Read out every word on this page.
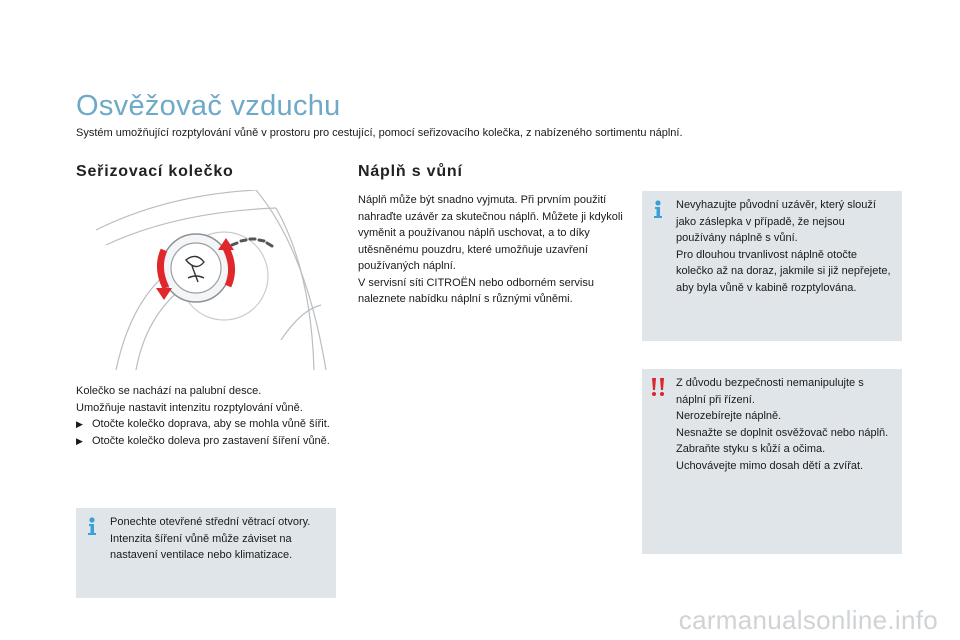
Osvěžovač vzduchu
Systém umožňující rozptylování vůně v prostoru pro cestující, pomocí seřizovacího kolečka, z nabízeného sortimentu náplní.
Seřizovací kolečko	Náplň s vůní

Kolečko se nachází na palubní desce.

Umožňuje nastavit intenzitu rozptylování vůně.

▶ Otočte kolečko doprava, aby se mohla vůně šířit.
▶ Otočte kolečko doleva pro zastavení šíření vůně.

Náplň může být snadno vyjmuta. Při prvním použití nahraďte uzávěr za skutečnou náplň. Můžete ji kdykoli vyměnit a používanou náplň uschovat, a to díky utěsněnému pouzdru, které umožňuje uzavření používaných náplní.

V servisní síti CITROËN nebo odborném servisu naleznete nabídku náplní s různými vůněmi.

Ponechte otevřené střední větrací otvory.

Intenzita šíření vůně může záviset na nastavení ventilace nebo klimatizace.

Nevyhazujte původní uzávěr, který slouží jako záslepka v případě, že nejsou používány náplně s vůní.

Pro dlouhou trvanlivost náplně otočte kolečko až na doraz, jakmile si již nepřejete, aby byla vůně v kabině rozptylována.

Z důvodu bezpečnosti nemanipulujte s náplní při řízení.

Nerozebírejte náplně.

Nesnažte se doplnit osvěžovač nebo náplň.

Zabraňte styku s kůží a očima.

Uchovávejte mimo dosah dětí a zvířat.

carmanualsonline.info
